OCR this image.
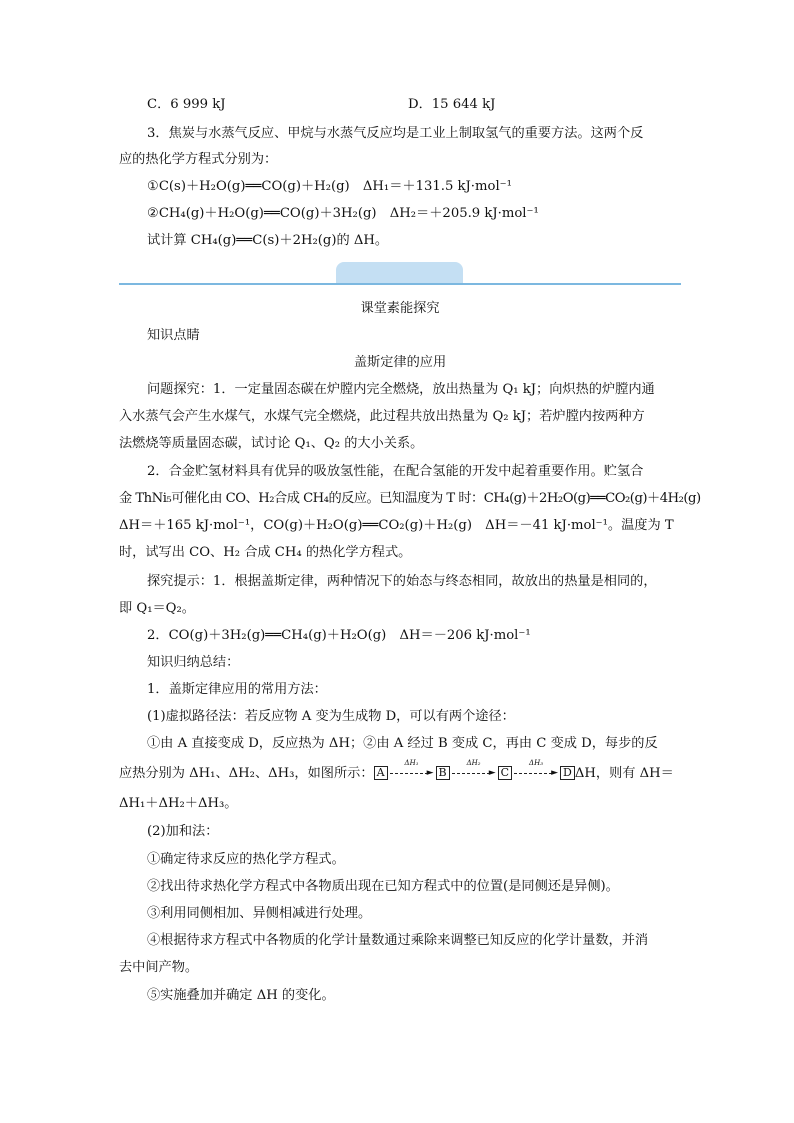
C．6 999 kJ	D．15 644 kJ
3．焦炭与水蒸气反应、甲烷与水蒸气反应均是工业上制取氢气的重要方法。这两个反
应的热化学方程式分别为：
①C(s)＋H₂O(g)══CO(g)＋H₂(g)　ΔH₁＝＋131.5 kJ·mol⁻¹
②CH₄(g)＋H₂O(g)══CO(g)＋3H₂(g)　ΔH₂＝＋205.9 kJ·mol⁻¹
试计算 CH₄(g)══C(s)＋2H₂(g)的 ΔH。
课堂素能探究
知识点睛
盖斯定律的应用
问题探究：1．一定量固态碳在炉膛内完全燃烧，放出热量为 Q₁ kJ；向炽热的炉膛内通
入水蒸气会产生水煤气，水煤气完全燃烧，此过程共放出热量为 Q₂ kJ；若炉膛内按两种方
法燃烧等质量固态碳，试讨论 Q₁、Q₂ 的大小关系。
2．合金贮氢材料具有优异的吸放氢性能，在配合氢能的开发中起着重要作用。贮氢合
金 ThNi₅可催化由 CO、H₂合成 CH₄的反应。已知温度为 T 时：CH₄(g)＋2H₂O(g)══CO₂(g)＋4H₂(g)
ΔH＝＋165 kJ·mol⁻¹，CO(g)＋H₂O(g)══CO₂(g)＋H₂(g)　ΔH＝－41 kJ·mol⁻¹。温度为 T
时，试写出 CO、H₂ 合成 CH₄ 的热化学方程式。
探究提示：1．根据盖斯定律，两种情况下的始态与终态相同，故放出的热量是相同的，
即 Q₁＝Q₂。
2．CO(g)＋3H₂(g)══CH₄(g)＋H₂O(g)　ΔH＝－206 kJ·mol⁻¹
知识归纳总结：
1．盖斯定律应用的常用方法：
(1)虚拟路径法：若反应物 A 变为生成物 D，可以有两个途径：
①由 A 直接变成 D，反应热为 ΔH；②由 A 经过 B 变成 C，再由 C 变成 D，每步的反
应热分别为 ΔH₁、ΔH₂、ΔH₃，如图所示： A
ΔH₁
► B
ΔH₂
► C
ΔH₃
► D ΔH，则有 ΔH＝
ΔH₁＋ΔH₂＋ΔH₃。
(2)加和法：
①确定待求反应的热化学方程式。
②找出待求热化学方程式中各物质出现在已知方程式中的位置(是同侧还是异侧)。
③利用同侧相加、异侧相减进行处理。
④根据待求方程式中各物质的化学计量数通过乘除来调整已知反应的化学计量数，并消
去中间产物。
⑤实施叠加并确定 ΔH 的变化。
